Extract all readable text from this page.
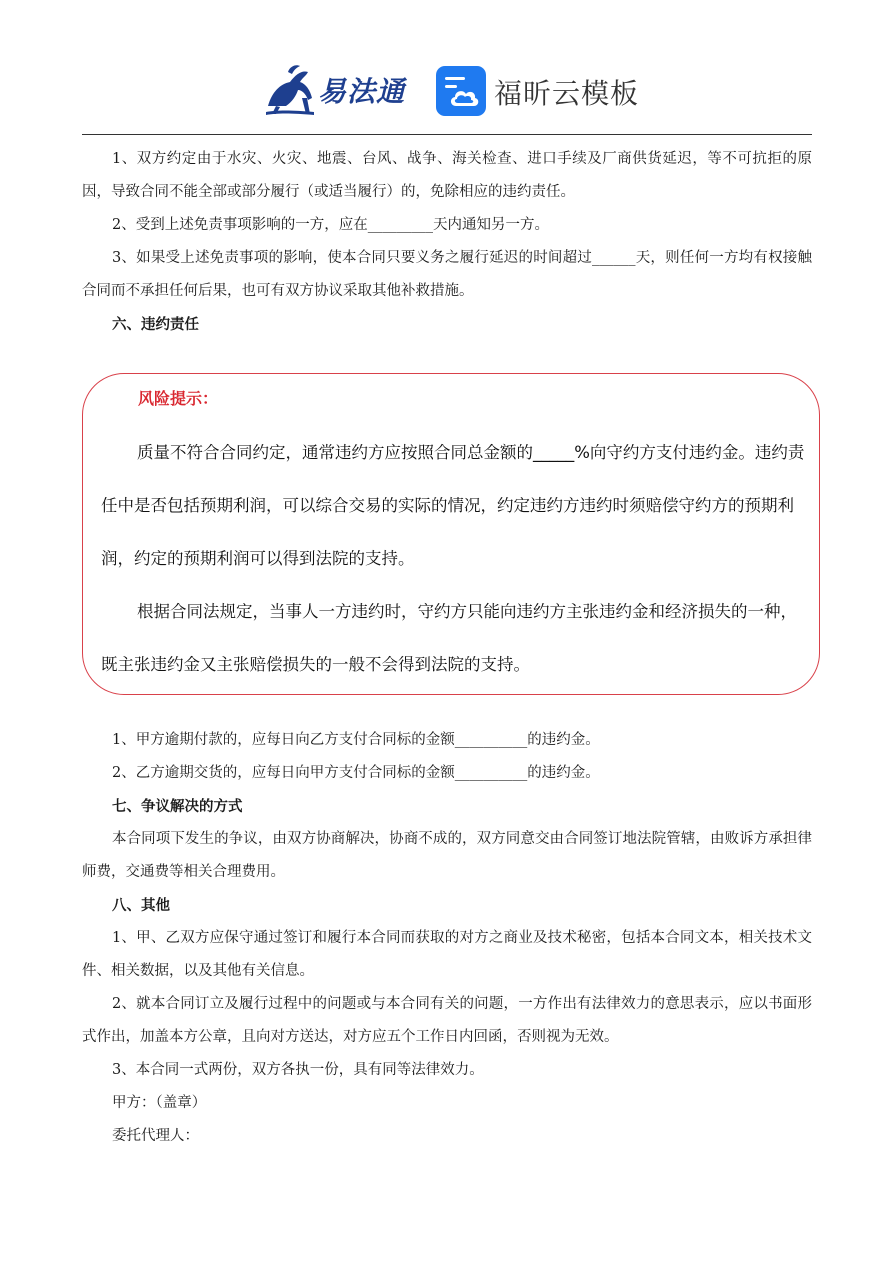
易法通	福昕云模板

1、双方约定由于水灾、火灾、地震、台风、战争、海关检查、进口手续及厂商供货延迟，等不可抗拒的原因，导致合同不能全部或部分履行（或适当履行）的，免除相应的违约责任。

2、受到上述免责事项影响的一方，应在_________天内通知另一方。

3、如果受上述免责事项的影响，使本合同只要义务之履行延迟的时间超过______天，则任何一方均有权接触合同而不承担任何后果，也可有双方协议采取其他补救措施。

六、违约责任

风险提示：

质量不符合合同约定，通常违约方应按照合同总金额的_____%向守约方支付违约金。违约责任中是否包括预期利润，可以综合交易的实际的情况，约定违约方违约时须赔偿守约方的预期利润，约定的预期利润可以得到法院的支持。

根据合同法规定，当事人一方违约时，守约方只能向违约方主张违约金和经济损失的一种，既主张违约金又主张赔偿损失的一般不会得到法院的支持。

1、甲方逾期付款的，应每日向乙方支付合同标的金额__________的违约金。

2、乙方逾期交货的，应每日向甲方支付合同标的金额__________的违约金。

七、争议解决的方式

本合同项下发生的争议，由双方协商解决，协商不成的，双方同意交由合同签订地法院管辖，由败诉方承担律师费，交通费等相关合理费用。

八、其他

1、甲、乙双方应保守通过签订和履行本合同而获取的对方之商业及技术秘密，包括本合同文本，相关技术文件、相关数据，以及其他有关信息。

2、就本合同订立及履行过程中的问题或与本合同有关的问题，一方作出有法律效力的意思表示，应以书面形式作出，加盖本方公章，且向对方送达，对方应五个工作日内回函，否则视为无效。

3、本合同一式两份，双方各执一份，具有同等法律效力。

甲方：（盖章）

委托代理人：
